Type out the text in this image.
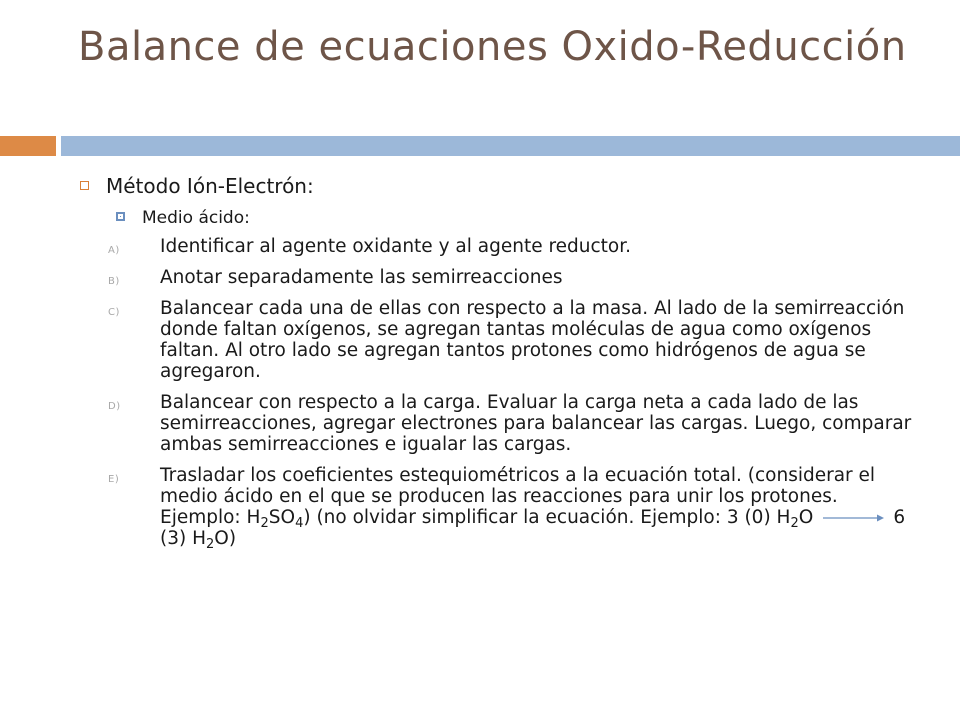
Balance de ecuaciones Oxido-Reducción
Método Ión-Electrón:
Medio ácido:
A) Identificar al agente oxidante y al agente reductor.
B) Anotar separadamente las semirreacciones
C) Balancear cada una de ellas con respecto a la masa. Al lado de la semirreacción donde faltan oxígenos, se agregan tantas moléculas de agua como oxígenos faltan. Al otro lado se agregan tantos protones como hidrógenos de agua se agregaron.
D) Balancear con respecto a la carga. Evaluar la carga neta a cada lado de las semirreacciones, agregar electrones para balancear las cargas. Luego, comparar ambas semirreacciones e igualar las cargas.
E) Trasladar los coeficientes estequiométricos a la ecuación total. (considerar el medio ácido en el que se producen las reacciones para unir los protones. Ejemplo: $H_2SO_4$) (no olvidar simplificar la ecuación. Ejemplo: 3 (0) $H_2O$	6 (3) $H_2O$)
